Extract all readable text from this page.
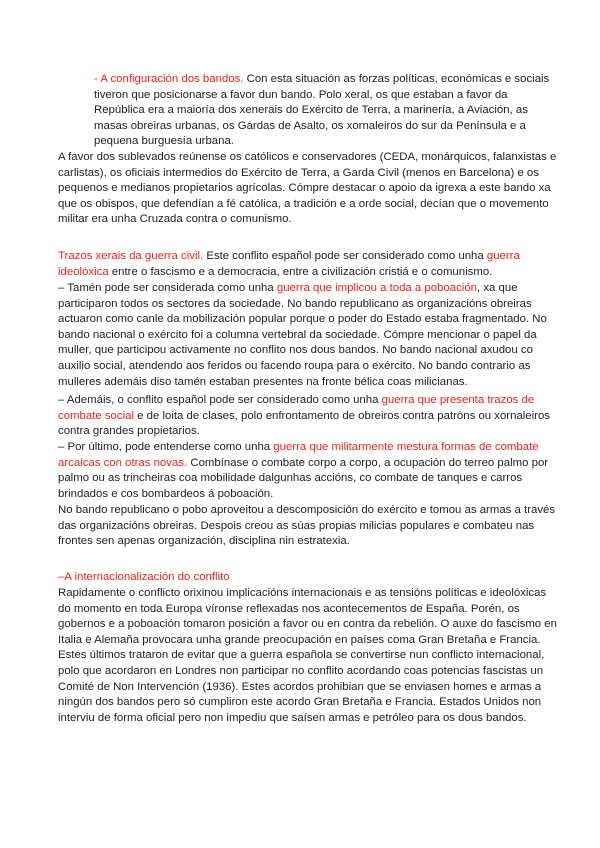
- A configuración dos bandos. Con esta situación as forzas políticas, económicas e sociais tiveron que posicionarse a favor dun bando. Polo xeral, os que estaban a favor da República era a maioría dos xenerais do Exército de Terra, a marinería, a Aviación, as masas obreiras urbanas, os Gardas de Asalto, os xornaleiros do sur da Península e a pequena burguesía urbana.

A favor dos sublevados reúnense os católicos e conservadores (CEDA, monárquicos, falanxistas e carlistas), os oficiais intermedios do Exército de Terra, a Garda Civil (menos en Barcelona) e os pequenos e medianos propietarios agrícolas. Cómpre destacar o apoio da igrexa a este bando xa que os obispos, que defendían a fé católica, a tradición e a orde social, decían que o movemento militar era unha Cruzada contra o comunismo.

Trazos xerais da guerra civil. Este conflito español pode ser considerado como unha guerra ideolóxica entre o fascismo e a democracia, entre a civilización cristiá e o comunismo.

– Tamén pode ser considerada como unha guerra que implicou a toda a poboación, xa que participaron todos os sectores da sociedade. No bando republicano as organizacións obreiras actuaron como canle da mobilización popular porque o poder do Estado estaba fragmentado. No bando nacional o exército foi a columna vertebral da sociedade. Cómpre mencionar o papel da muller, que participou activamente no conflito nos dous bandos. No bando nacional axudou co auxilio social, atendendo aos feridos ou facendo roupa para o exército. No bando contrario as mulleres ademáis diso tamén estaban presentes na fronte bélica coas milicianas.

– Ademáis, o conflito español pode ser considerado como unha guerra que presenta trazos de combate social e de loita de clases, polo enfrontamento de obreiros contra patróns ou xornaleiros contra grandes propietarios.

– Por último, pode entenderse como unha guerra que militarmente mestura formas de combate arcaicas con otras novas. Combínase o combate corpo a corpo, a ocupación do terreo palmo por palmo ou as trincheiras coa mobilidade dalgunhas accións, co combate de tanques e carros brindados e cos bombardeos á poboación.

No bando republicano o pobo aproveitou a descomposición do exército e tomou as armas a través das organizacións obreiras. Despois creou as súas propias milicias populares e combateu nas frontes sen apenas organización, disciplina nin estratexia.

–A internacionalización do conflito

Rapidamente o conflicto orixinou implicacións internacionais e as tensións políticas e ideolóxicas do momento en toda Europa víronse reflexadas nos acontecementos de España. Porén, os gobernos e a poboación tomaron posición a favor ou en contra da rebelión. O auxe do fascismo en Italia e Alemaña provocara unha grande preocupación en países coma Gran Bretaña e Francia. Estes últimos trataron de evitar que a guerra española se convertirse nun conflicto internacional, polo que acordaron en Londres non participar no conflito acordando coas potencias fascistas un Comité de Non Intervención (1936). Estes acordos prohibian que se enviasen homes e armas a ningún dos bandos pero só cumpliron este acordo Gran Bretaña e Francia. Estados Unidos non interviu de forma oficial pero non impediu que saísen armas e petróleo para os dous bandos.
